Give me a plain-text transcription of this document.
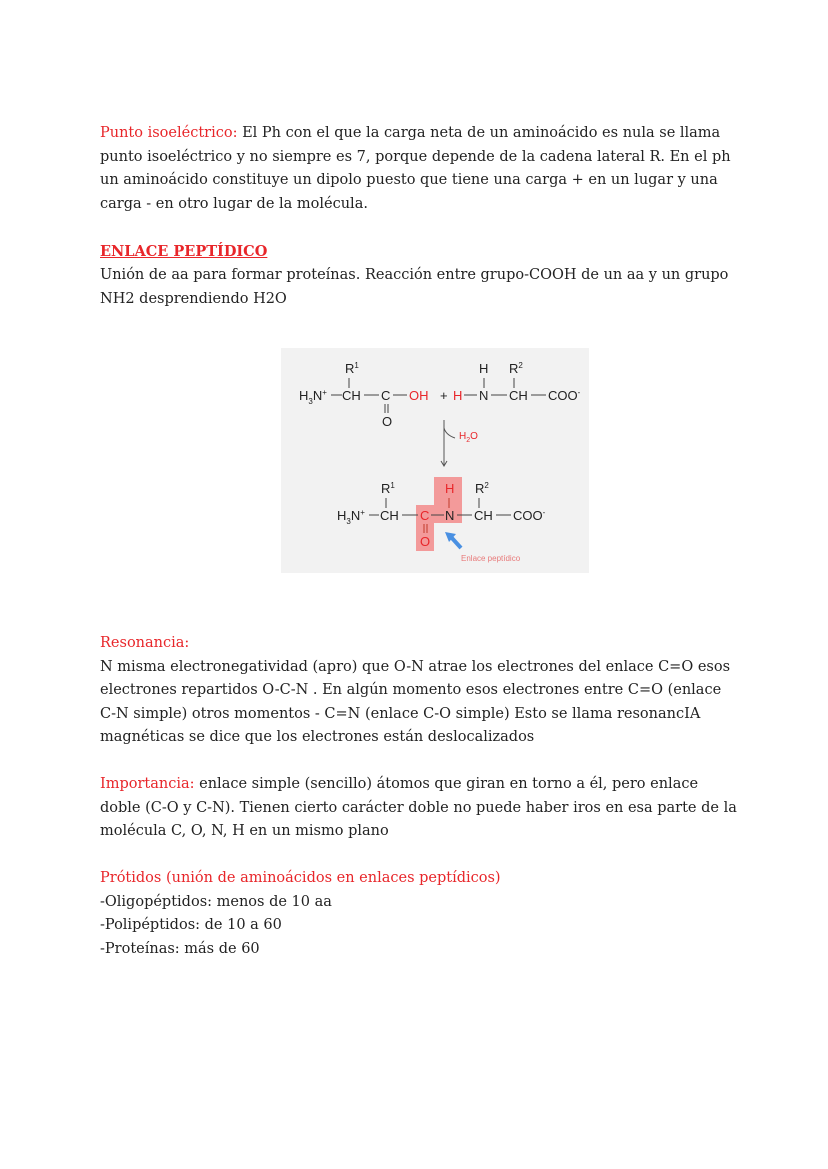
Punto isoeléctrico: El Ph con el que la carga neta de un aminoácido es nula se llama punto isoeléctrico y no siempre es 7, porque depende de la cadena lateral R. En el ph un aminoácido constituye un dipolo puesto que tiene una carga + en un lugar y una carga - en otro lugar de la molécula.

ENLACE PEPTÍDICO

Unión de aa para formar proteínas. Reacción entre grupo-COOH de un aa y un grupo NH2 desprendiendo H2O

$R^1$
$H_3N^+$ CH C
O
OH + H
H
N
$R^2$
CH COO-
$H_2O$
$R^1$
$H_3N^+$ CH C
O
H
N
$R^2$
CH COO-
Enlace peptídico

Resonancia:

N misma electronegatividad (apro) que O-N atrae los electrones del enlace C=O esos electrones repartidos O-C-N . En algún momento esos electrones entre C=O (enlace C-N simple) otros momentos - C=N (enlace C-O simple) Esto se llama resonancIA magnéticas se dice que los electrones están deslocalizados

Importancia: enlace simple (sencillo) átomos que giran en torno a él, pero enlace doble (C-O y C-N). Tienen cierto carácter doble no puede haber iros en esa parte de la molécula C, O, N, H en un mismo plano

Prótidos (unión de aminoácidos en enlaces peptídicos)

-Oligopéptidos: menos de 10 aa

-Polipéptidos: de 10 a 60

-Proteínas: más de 60
